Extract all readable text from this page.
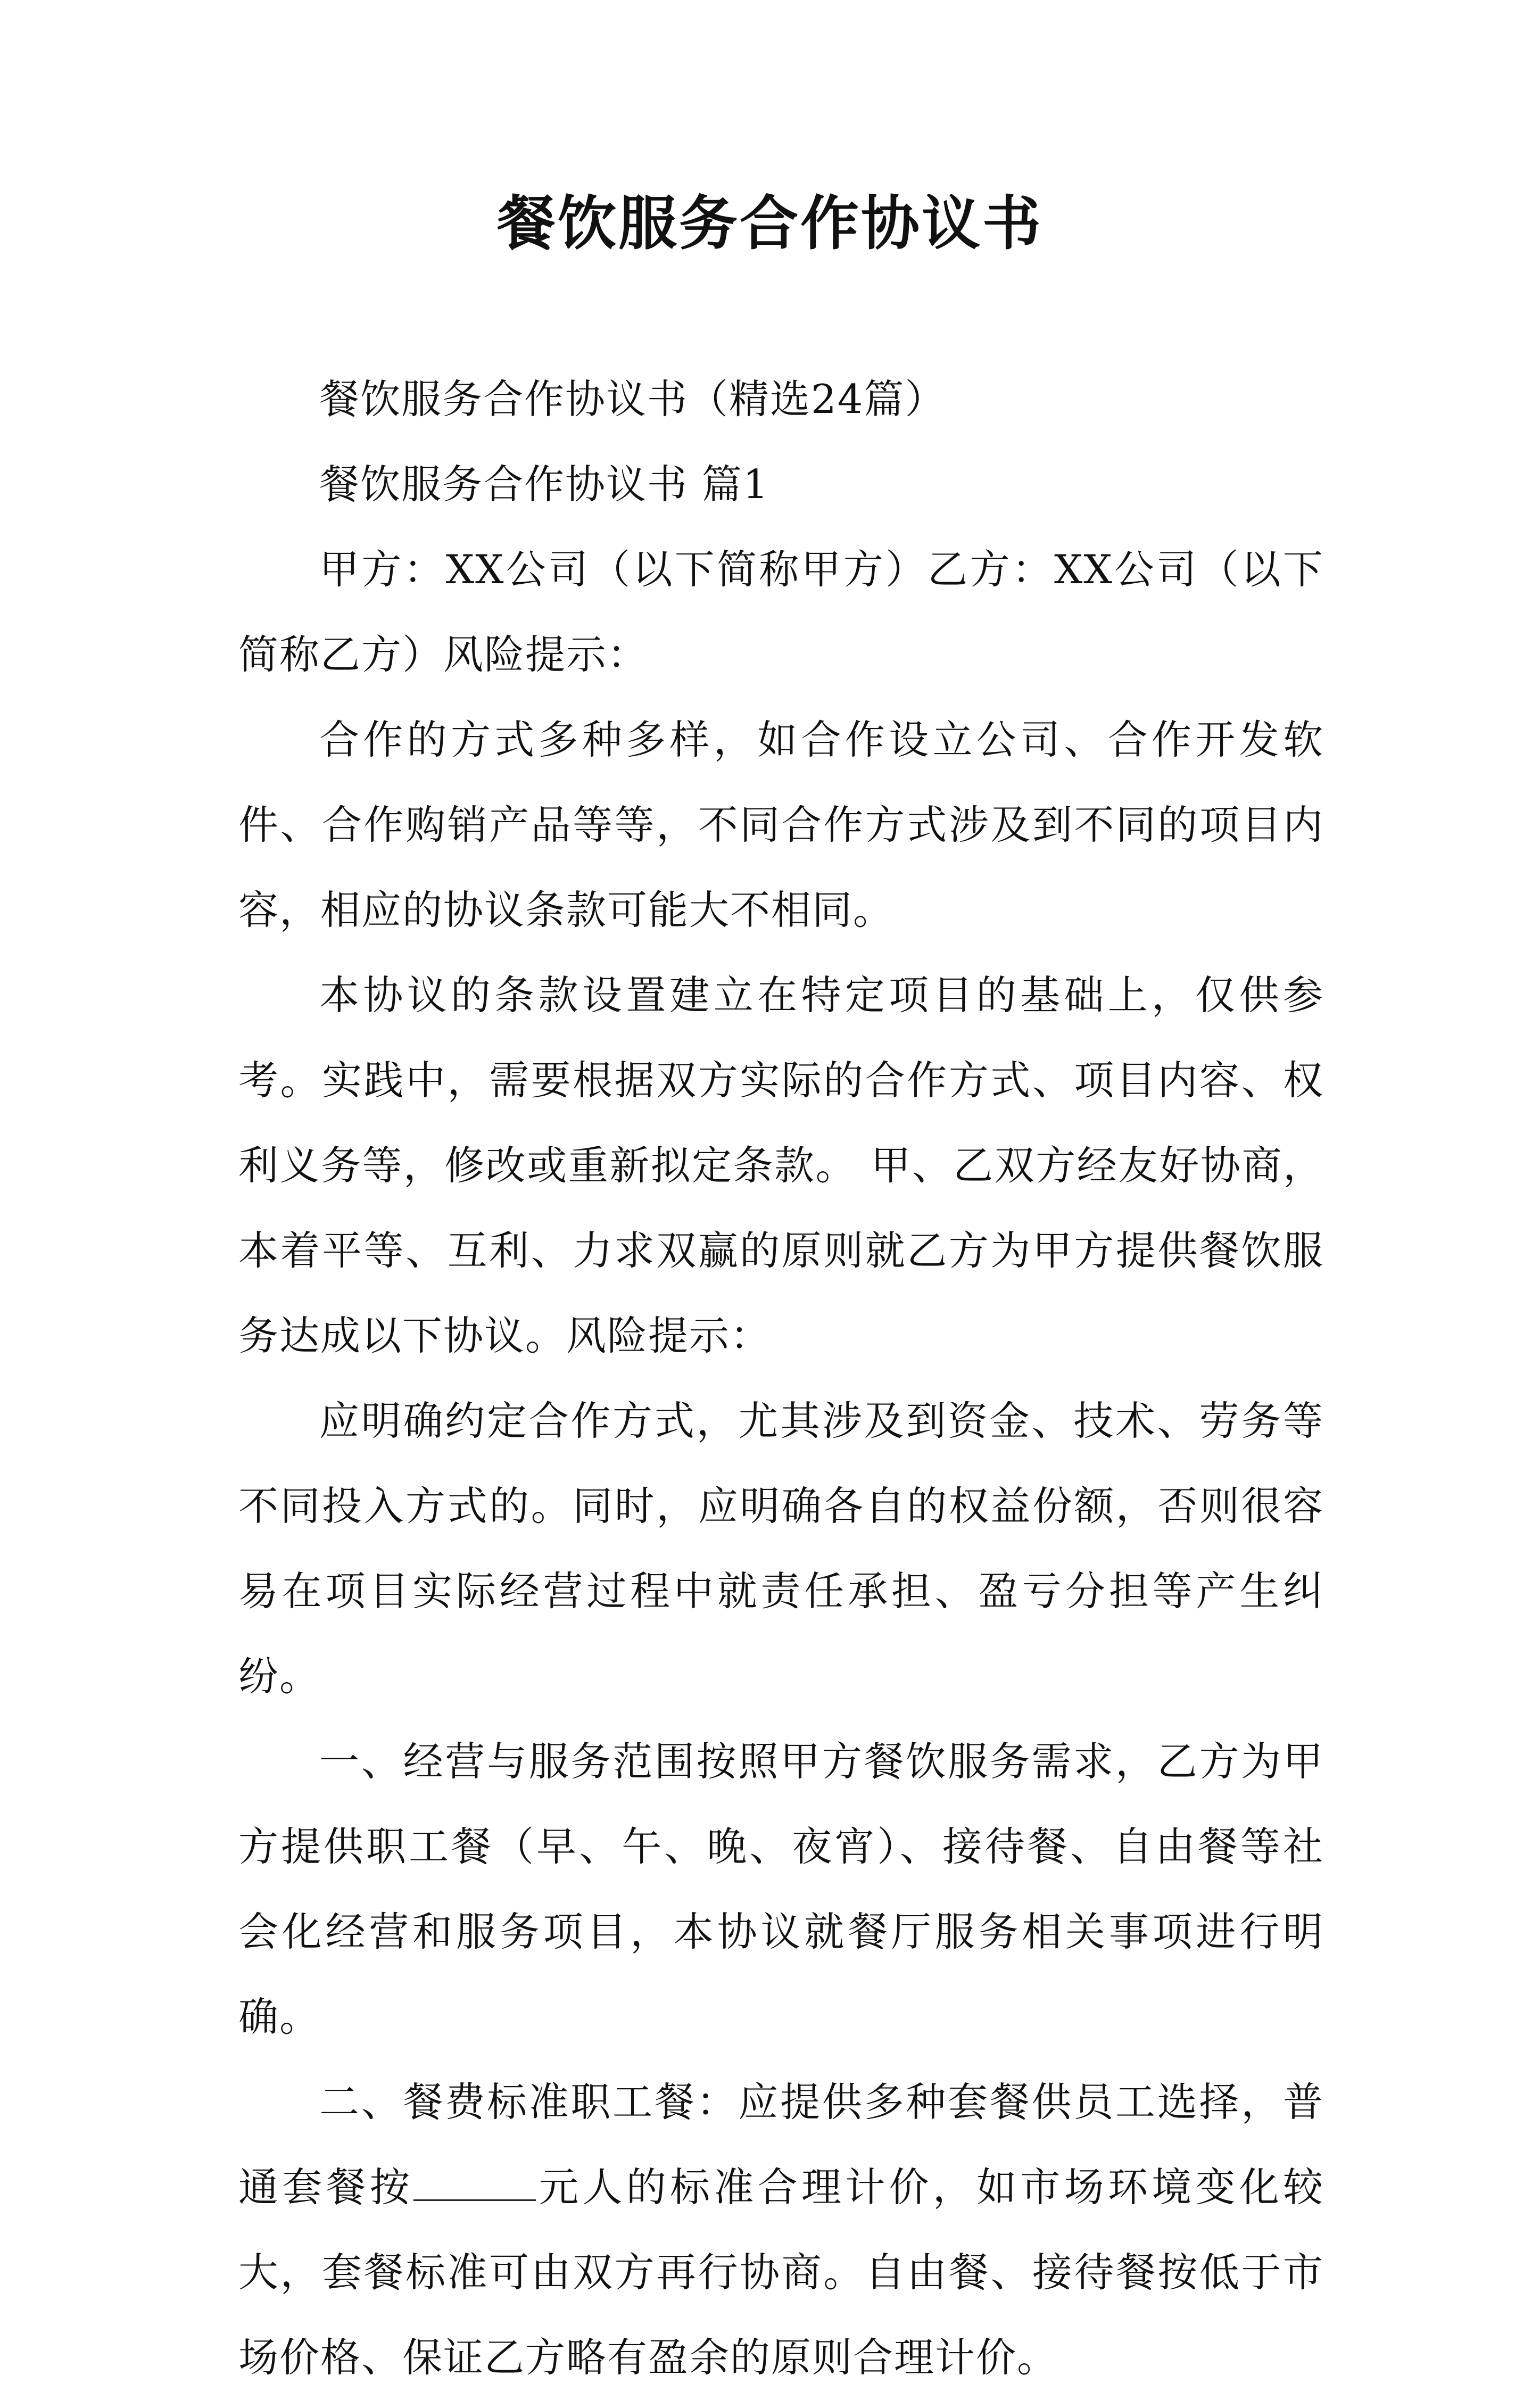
餐饮服务合作协议书

餐饮服务合作协议书（精选24篇）

餐饮服务合作协议书 篇1

甲方：XX公司（以下简称甲方）乙方：XX公司（以下简称乙方）风险提示：

合作的方式多种多样，如合作设立公司、合作开发软件、合作购销产品等等，不同合作方式涉及到不同的项目内容，相应的协议条款可能大不相同。

本协议的条款设置建立在特定项目的基础上，仅供参考。实践中，需要根据双方实际的合作方式、项目内容、权利义务等，修改或重新拟定条款。 甲、乙双方经友好协商，本着平等、互利、力求双赢的原则就乙方为甲方提供餐饮服务达成以下协议。风险提示：

应明确约定合作方式，尤其涉及到资金、技术、劳务等不同投入方式的。同时，应明确各自的权益份额，否则很容易在项目实际经营过程中就责任承担、盈亏分担等产生纠纷。

一、经营与服务范围按照甲方餐饮服务需求，乙方为甲方提供职工餐（早、午、晚、夜宵）、接待餐、自由餐等社会化经营和服务项目，本协议就餐厅服务相关事项进行明确。

二、餐费标准职工餐：应提供多种套餐供员工选择，普通套餐按	元人的标准合理计价，如市场环境变化较大，套餐标准可由双方再行协商。自由餐、接待餐按低于市场价格、保证乙方略有盈余的原则合理计价。
